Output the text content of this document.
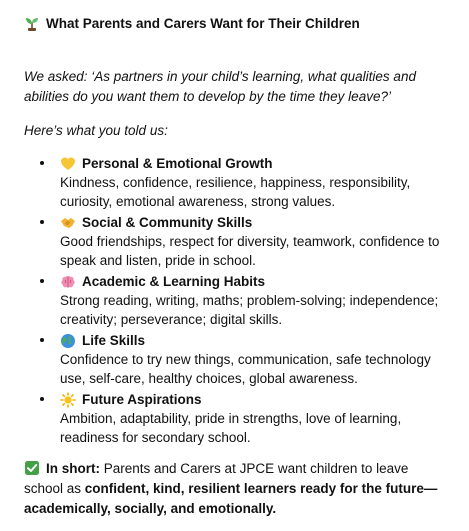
What Parents and Carers Want for Their Children

We asked: ‘As partners in your child’s learning, what qualities and abilities do you want them to develop by the time they leave?’

Here’s what you told us:

Personal & Emotional Growth
Kindness, confidence, resilience, happiness, responsibility, curiosity, emotional awareness, strong values.
Social & Community Skills
Good friendships, respect for diversity, teamwork, confidence to speak and listen, pride in school.
Academic & Learning Habits
Strong reading, writing, maths; problem-solving; independence; creativity; perseverance; digital skills.
Life Skills
Confidence to try new things, communication, safe technology use, self-care, healthy choices, global awareness.
Future Aspirations
Ambition, adaptability, pride in strengths, love of learning, readiness for secondary school.

In short: Parents and Carers at JPCE want children to leave school as confident, kind, resilient learners ready for the future—academically, socially, and emotionally.
